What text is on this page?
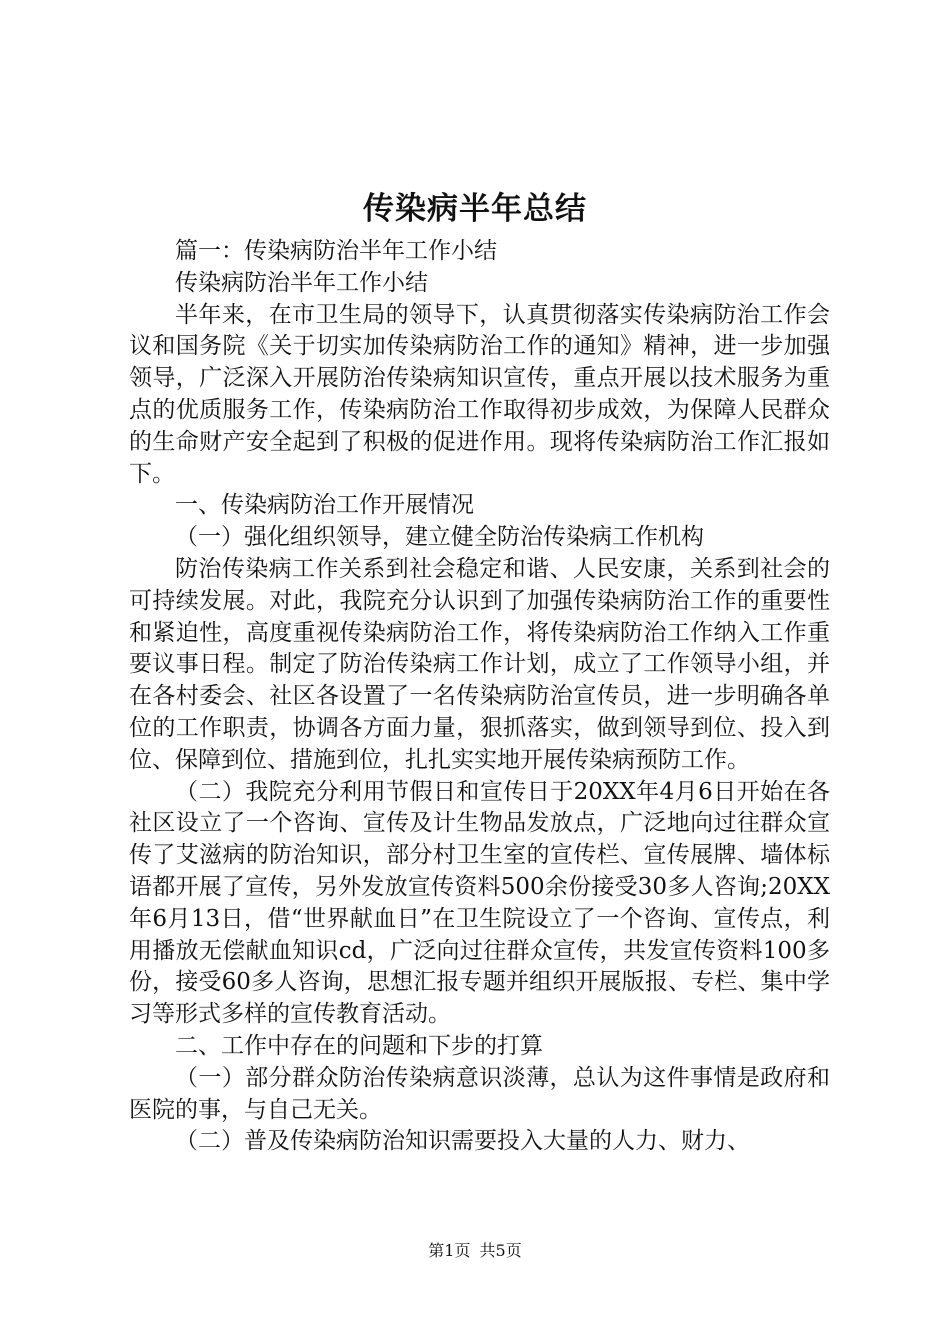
传染病半年总结

篇一：传染病防治半年工作小结

传染病防治半年工作小结

半年来，在市卫生局的领导下，认真贯彻落实传染病防治工作会议和国务院《关于切实加传染病防治工作的通知》精神，进一步加强领导，广泛深入开展防治传染病知识宣传，重点开展以技术服务为重点的优质服务工作，传染病防治工作取得初步成效，为保障人民群众的生命财产安全起到了积极的促进作用。现将传染病防治工作汇报如下。

一、传染病防治工作开展情况

（一）强化组织领导，建立健全防治传染病工作机构

防治传染病工作关系到社会稳定和谐、人民安康，关系到社会的可持续发展。对此，我院充分认识到了加强传染病防治工作的重要性和紧迫性，高度重视传染病防治工作，将传染病防治工作纳入工作重要议事日程。制定了防治传染病工作计划，成立了工作领导小组，并在各村委会、社区各设置了一名传染病防治宣传员，进一步明确各单位的工作职责，协调各方面力量，狠抓落实，做到领导到位、投入到位、保障到位、措施到位，扎扎实实地开展传染病预防工作。

（二）我院充分利用节假日和宣传日于20XX年4月6日开始在各社区设立了一个咨询、宣传及计生物品发放点，广泛地向过往群众宣传了艾滋病的防治知识，部分村卫生室的宣传栏、宣传展牌、墙体标语都开展了宣传，另外发放宣传资料500余份接受30多人咨询;20XX年6月13日，借“世界献血日”在卫生院设立了一个咨询、宣传点，利用播放无偿献血知识cd，广泛向过往群众宣传，共发宣传资料100多份，接受60多人咨询，思想汇报专题并组织开展版报、专栏、集中学习等形式多样的宣传教育活动。

二、工作中存在的问题和下步的打算

（一）部分群众防治传染病意识淡薄，总认为这件事情是政府和医院的事，与自己无关。

（二）普及传染病防治知识需要投入大量的人力、财力、

第1页 共5页
